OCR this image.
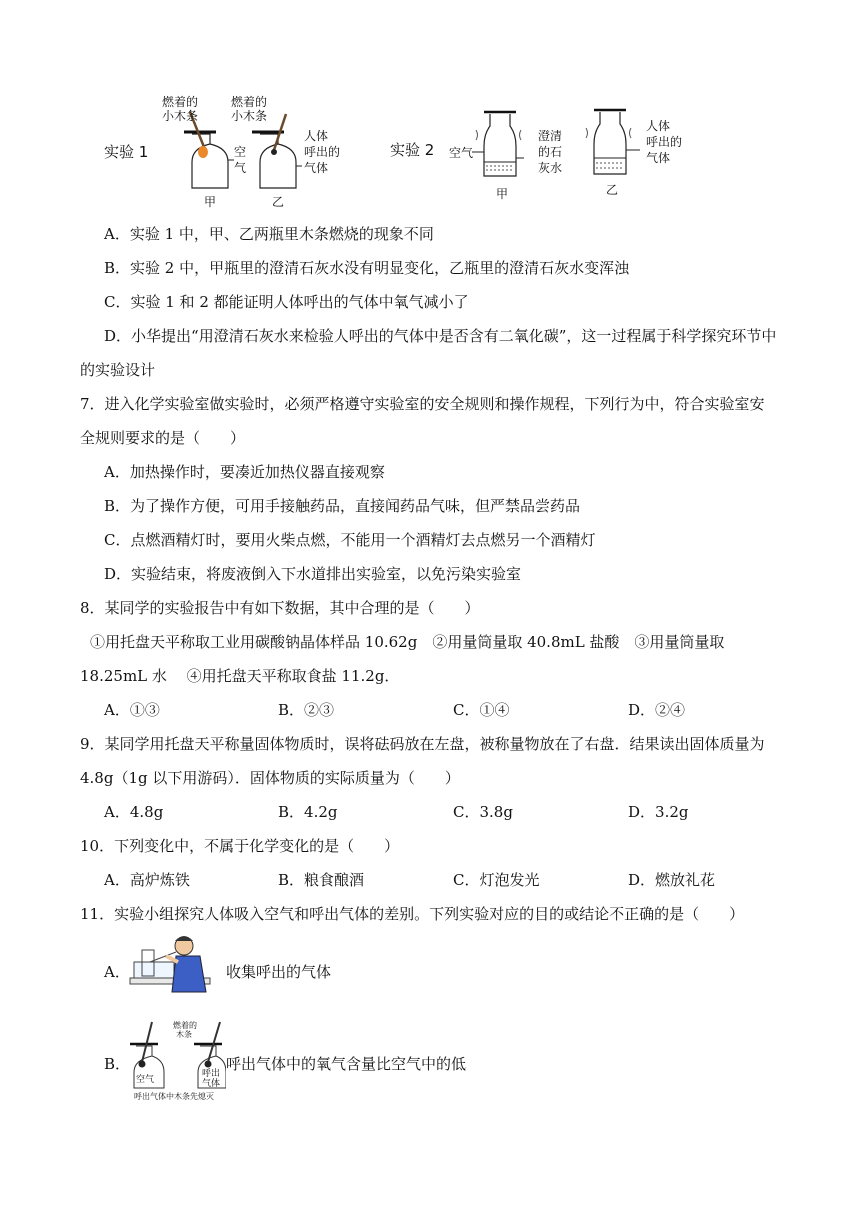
实验 1
燃着的
小木条
空
气
甲
燃着的
小木条
人体
呼出的
气体
乙
实验 2 空气
澄清
的石
灰水
甲
人体
呼出的
气体
乙
A．实验 1 中，甲、乙两瓶里木条燃烧的现象不同
B．实验 2 中，甲瓶里的澄清石灰水没有明显变化，乙瓶里的澄清石灰水变浑浊
C．实验 1 和 2 都能证明人体呼出的气体中氧气减小了
D．小华提出“用澄清石灰水来检验人呼出的气体中是否含有二氧化碳”，这一过程属于科学探究环节中
的实验设计
7．进入化学实验室做实验时，必须严格遵守实验室的安全规则和操作规程，下列行为中，符合实验室安
全规则要求的是（　　）
A．加热操作时，要凑近加热仪器直接观察
B．为了操作方便，可用手接触药品，直接闻药品气味，但严禁品尝药品
C．点燃酒精灯时，要用火柴点燃，不能用一个酒精灯去点燃另一个酒精灯
D．实验结束，将废液倒入下水道排出实验室，以免污染实验室
8．某同学的实验报告中有如下数据，其中合理的是（　　）
①用托盘天平称取工业用碳酸钠晶体样品 10.62g　②用量筒量取 40.8mL 盐酸　③用量筒量取
18.25mL 水　 ④用托盘天平称取食盐 11.2g．
A．①③	B．②③	C．①④	D．②④
9．某同学用托盘天平称量固体物质时，误将砝码放在左盘，被称量物放在了右盘．结果读出固体质量为
4.8g（1g 以下用游码）．固体物质的实际质量为（　　）
A．4.8g	B．4.2g	C．3.8g	D．3.2g
10．下列变化中，不属于化学变化的是（　　）
A．高炉炼铁	B．粮食酿酒	C．灯泡发光	D．燃放礼花
11．实验小组探究人体吸入空气和呼出气体的差别。下列实验对应的目的或结论不正确的是（　　）
A．	收集呼出的气体
B．
空气
呼出
气体
燃着的
木条
呼出气体中木条先熄灭
呼出气体中的氧气含量比空气中的低
